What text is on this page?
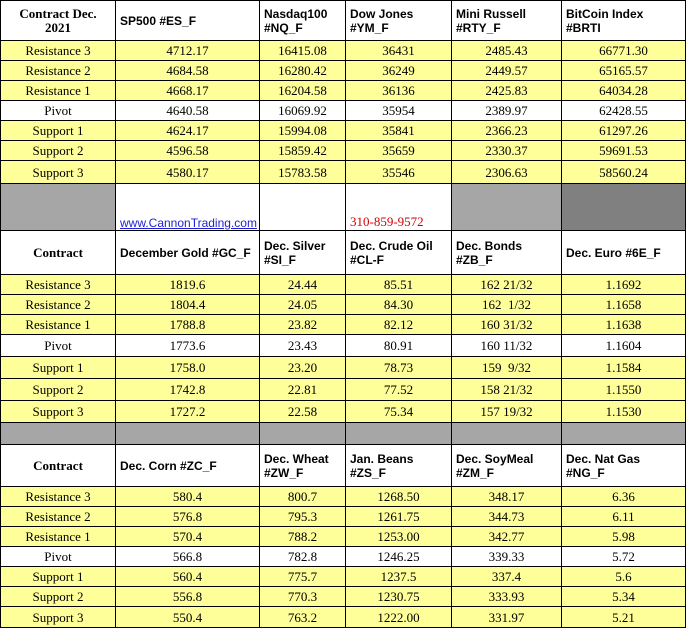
Contract Dec. 2021	SP500 #ES_F	Nasdaq100 #NQ_F	Dow Jones #YM_F	Mini Russell #RTY_F	BitCoin Index #BRTI
Resistance 3	4712.17	16415.08	36431	2485.43	66771.30
Resistance 2	4684.58	16280.42	36249	2449.57	65165.57
Resistance 1	4668.17	16204.58	36136	2425.83	64034.28
Pivot	4640.58	16069.92	35954	2389.97	62428.55
Support 1	4624.17	15994.08	35841	2366.23	61297.26
Support 2	4596.58	15859.42	35659	2330.37	59691.53
Support 3	4580.17	15783.58	35546	2306.63	58560.24
	www.CannonTrading.com		310-859-9572		
Contract	December Gold #GC_F	Dec. Silver #SI_F	Dec. Crude Oil #CL-F	Dec. Bonds #ZB_F	Dec. Euro #6E_F
Resistance 3	1819.6	24.44	85.51	162 21/32	1.1692
Resistance 2	1804.4	24.05	84.30	162  1/32	1.1658
Resistance 1	1788.8	23.82	82.12	160 31/32	1.1638
Pivot	1773.6	23.43	80.91	160 11/32	1.1604
Support 1	1758.0	23.20	78.73	159  9/32	1.1584
Support 2	1742.8	22.81	77.52	158 21/32	1.1550
Support 3	1727.2	22.58	75.34	157 19/32	1.1530

Contract	Dec. Corn #ZC_F	Dec. Wheat #ZW_F	Jan. Beans #ZS_F	Dec. SoyMeal #ZM_F	Dec. Nat Gas #NG_F
Resistance 3	580.4	800.7	1268.50	348.17	6.36
Resistance 2	576.8	795.3	1261.75	344.73	6.11
Resistance 1	570.4	788.2	1253.00	342.77	5.98
Pivot	566.8	782.8	1246.25	339.33	5.72
Support 1	560.4	775.7	1237.5	337.4	5.6
Support 2	556.8	770.3	1230.75	333.93	5.34
Support 3	550.4	763.2	1222.00	331.97	5.21
